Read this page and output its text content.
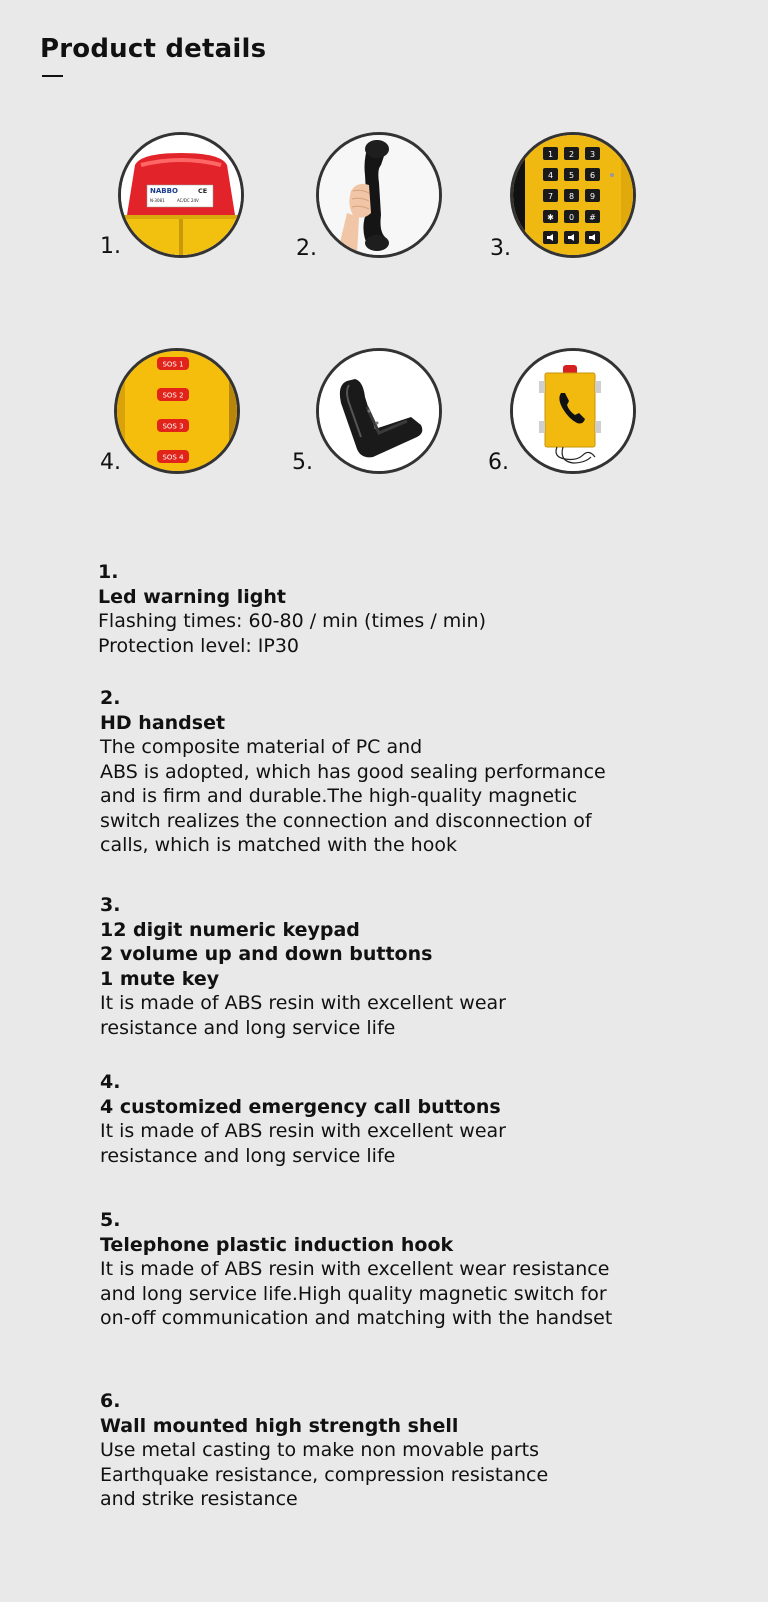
Product details
NABBO	CE
N-3081	AC/DC 24V
1 2 3
4 5 6
7 8 9
✱ 0 #
SOS 1
SOS 2
SOS 3
SOS 4
1.	2.	3.
4.	5.	6.
1.
Led warning light
Flashing times: 60-80 / min (times / min)
Protection level: IP30
2.
HD handset
The composite material of PC and
ABS is adopted, which has good sealing performance
and is firm and durable.The high-quality magnetic
switch realizes the connection and disconnection of
calls, which is matched with the hook
3.
12 digit numeric keypad
2 volume up and down buttons
1 mute key
It is made of ABS resin with excellent wear
resistance and long service life
4.
4 customized emergency call buttons
It is made of ABS resin with excellent wear
resistance and long service life
5.
Telephone plastic induction hook
It is made of ABS resin with excellent wear resistance
and long service life.High quality magnetic switch for
on-off communication and matching with the handset
6.
Wall mounted high strength shell
Use metal casting to make non movable parts
Earthquake resistance, compression resistance
and strike resistance
